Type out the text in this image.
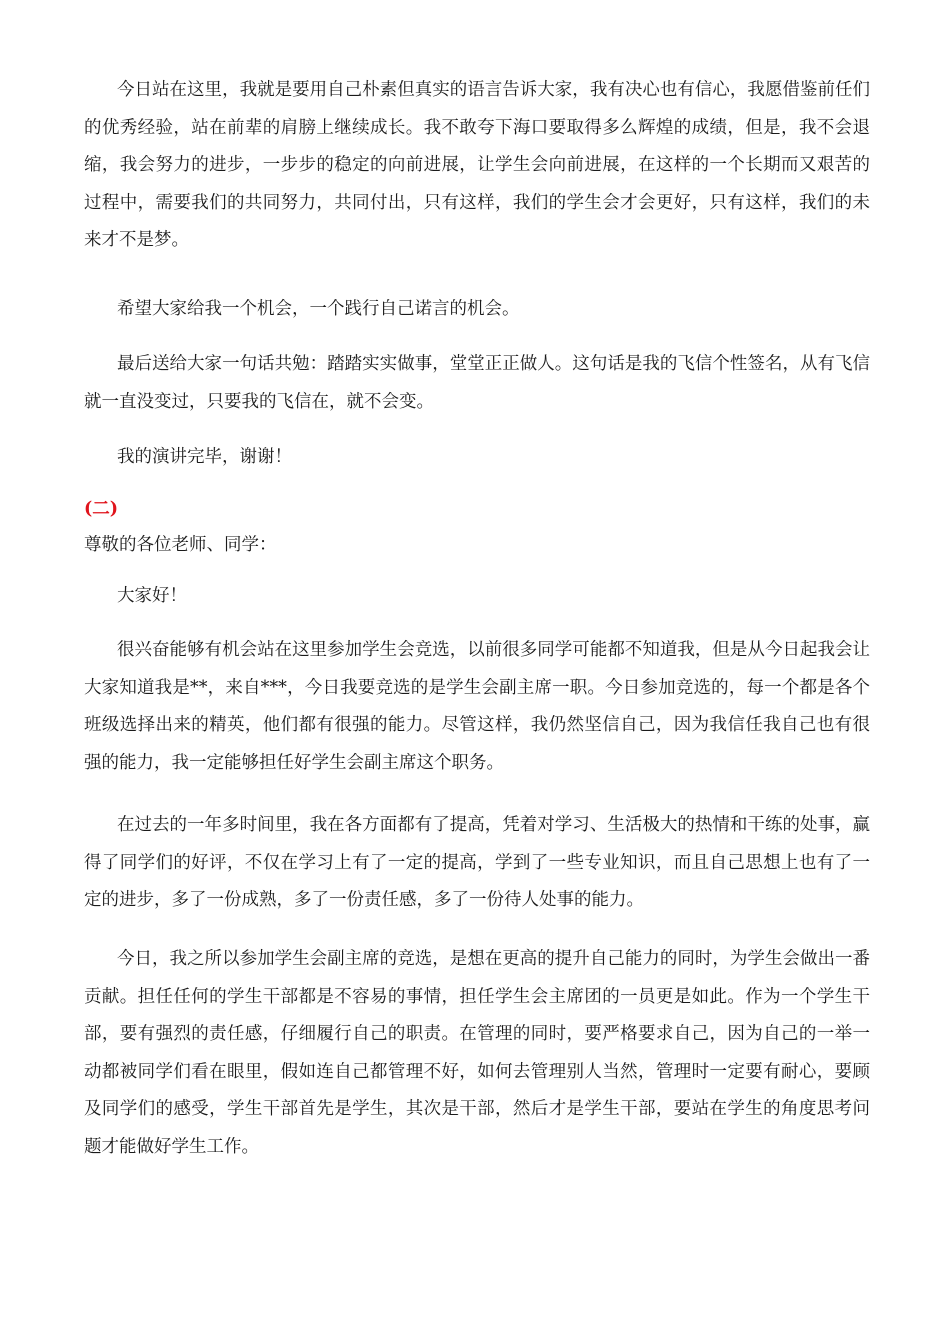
今日站在这里，我就是要用自己朴素但真实的语言告诉大家，我有决心也有信心，我愿借鉴前任们的优秀经验，站在前辈的肩膀上继续成长。我不敢夸下海口要取得多么辉煌的成绩，但是，我不会退缩，我会努力的进步，一步步的稳定的向前进展，让学生会向前进展，在这样的一个长期而又艰苦的过程中，需要我们的共同努力，共同付出，只有这样，我们的学生会才会更好，只有这样，我们的未来才不是梦。

希望大家给我一个机会，一个践行自己诺言的机会。

最后送给大家一句话共勉：踏踏实实做事，堂堂正正做人。这句话是我的飞信个性签名，从有飞信就一直没变过，只要我的飞信在，就不会变。

我的演讲完毕，谢谢！

(二)

尊敬的各位老师、同学：

大家好！

很兴奋能够有机会站在这里参加学生会竞选，以前很多同学可能都不知道我，但是从今日起我会让大家知道我是**，来自***，今日我要竞选的是学生会副主席一职。今日参加竞选的，每一个都是各个班级选择出来的精英，他们都有很强的能力。尽管这样，我仍然坚信自己，因为我信任我自己也有很强的能力，我一定能够担任好学生会副主席这个职务。

在过去的一年多时间里，我在各方面都有了提高，凭着对学习、生活极大的热情和干练的处事，赢得了同学们的好评，不仅在学习上有了一定的提高，学到了一些专业知识，而且自己思想上也有了一定的进步，多了一份成熟，多了一份责任感，多了一份待人处事的能力。

今日，我之所以参加学生会副主席的竞选，是想在更高的提升自己能力的同时，为学生会做出一番贡献。担任任何的学生干部都是不容易的事情，担任学生会主席团的一员更是如此。作为一个学生干部，要有强烈的责任感，仔细履行自己的职责。在管理的同时，要严格要求自己，因为自己的一举一动都被同学们看在眼里，假如连自己都管理不好，如何去管理别人当然，管理时一定要有耐心，要顾及同学们的感受，学生干部首先是学生，其次是干部，然后才是学生干部，要站在学生的角度思考问题才能做好学生工作。
